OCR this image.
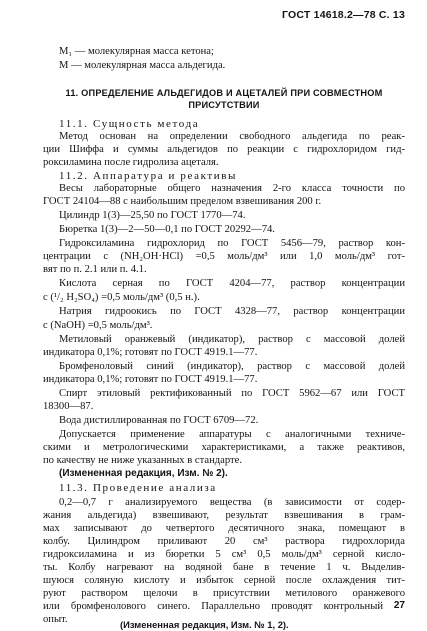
ГОСТ 14618.2—78 С. 13
M₁ — молекулярная масса кетона;
M — молекулярная масса альдегида.
11. ОПРЕДЕЛЕНИЕ АЛЬДЕГИДОВ И АЦЕТАЛЕЙ ПРИ СОВМЕСТНОМ
ПРИСУТСТВИИ
11.1. Сущность метода
Метод основан на определении свободного альдегида по реак-
ции Шиффа и суммы альдегидов по реакции с гидрохлоридом гид-
роксиламина после гидролиза ацеталя.
11.2. Аппаратура и реактивы
Весы лабораторные общего назначения 2-го класса точности по
ГОСТ 24104—88 с наибольшим пределом взвешивания 200 г.
Цилиндр 1(3)—25,50 по ГОСТ 1770—74.
Бюретка 1(3)—2—50—0,1 по ГОСТ 20292—74.
Гидроксиламина гидрохлорид по ГОСТ 5456—79, раствор кон-
центрации c (NH₂OH·HCl) =0,5 моль/дм³ или 1,0 моль/дм³ гот-
вят по п. 2.1 или п. 4.1.
Кислота серная по ГОСТ 4204—77, раствор концентрации
c (¹/₂ H₂SO₄) =0,5 моль/дм³ (0,5 н.).
Натрия гидроокись по ГОСТ 4328—77, раствор концентрации
c (NaOH) =0,5 моль/дм³.
Метиловый оранжевый (индикатор), раствор с массовой долей
индикатора 0,1%; готовят по ГОСТ 4919.1—77.
Бромфеноловый синий (индикатор), раствор с массовой долей
индикатора 0,1%; готовят по ГОСТ 4919.1—77.
Спирт этиловый ректификованный по ГОСТ 5962—67 или ГОСТ
18300—87.
Вода дистиллированная по ГОСТ 6709—72.
Допускается применение аппаратуры с аналогичными техниче-
скими и метрологическими характеристиками, а также реактивов,
по качеству не ниже указанных в стандарте.
(Измененная редакция, Изм. № 2).
11.3. Проведение анализа
0,2—0,7 г анализируемого вещества (в зависимости от содер-
жания альдегида) взвешивают, результат взвешивания в грам-
мах записывают до четвертого десятичного знака, помещают в
колбу. Цилиндром приливают 20 см³ раствора гидрохлорида
гидроксиламина и из бюретки 5 см³ 0,5 моль/дм³ серной кисло-
ты. Колбу нагревают на водяной бане в течение 1 ч. Выделив-
шуюся соляную кислоту и избыток серной после охлаждения тит-
руют раствором щелочи в присутствии метилового оранжевого
или бромфенолового синего. Параллельно проводят контрольный
опыт.
27
(Измененная редакция, Изм. № 1, 2).
